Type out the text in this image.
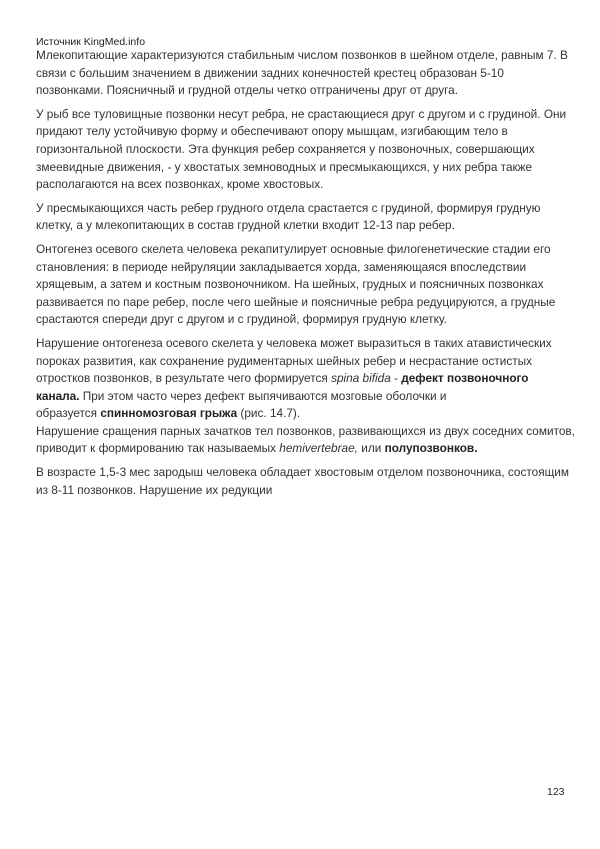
Источник KingMed.info

Млекопитающие характеризуются стабильным числом позвонков в шейном отделе, равным 7. В
связи с большим значением в движении задних конечностей крестец образован 5-10
позвонками. Поясничный и грудной отделы четко отграничены друг от друга.

У рыб все туловищные позвонки несут ребра, не срастающиеся друг с другом и с грудиной. Они
придают телу устойчивую форму и обеспечивают опору мышцам, изгибающим тело в
горизонтальной плоскости. Эта функция ребер сохраняется у позвоночных, совершающих
змеевидные движения, - у хвостатых земноводных и пресмыкающихся, у них ребра также
располагаются на всех позвонках, кроме хвостовых.

У пресмыкающихся часть ребер грудного отдела срастается с грудиной, формируя грудную
клетку, а у млекопитающих в состав грудной клетки входит 12-13 пар ребер.

Онтогенез осевого скелета человека рекапитулирует основные филогенетические стадии его
становления: в периоде нейруляции закладывается хорда, заменяющаяся впоследствии
хрящевым, а затем и костным позвоночником. На шейных, грудных и поясничных позвонках
развивается по паре ребер, после чего шейные и поясничные ребра редуцируются, а грудные
срастаются спереди друг с другом и с грудиной, формируя грудную клетку.

Нарушение онтогенеза осевого скелета у человека может выразиться в таких атавистических
пороках развития, как сохранение рудиментарных шейных ребер и несрастание остистых
отростков позвонков, в результате чего формируется spina bifida - дефект позвоночного
канала. При этом часто через дефект выпячиваются мозговые оболочки и
образуется спинномозговая грыжа (рис. 14.7).

Нарушение сращения парных зачатков тел позвонков, развивающихся из двух соседних сомитов,
приводит к формированию так называемых hemivertebrae, или полупозвонков.

В возрасте 1,5-3 мес зародыш человека обладает хвостовым отделом позвоночника, состоящим
из 8-11 позвонков. Нарушение их редукции

123
